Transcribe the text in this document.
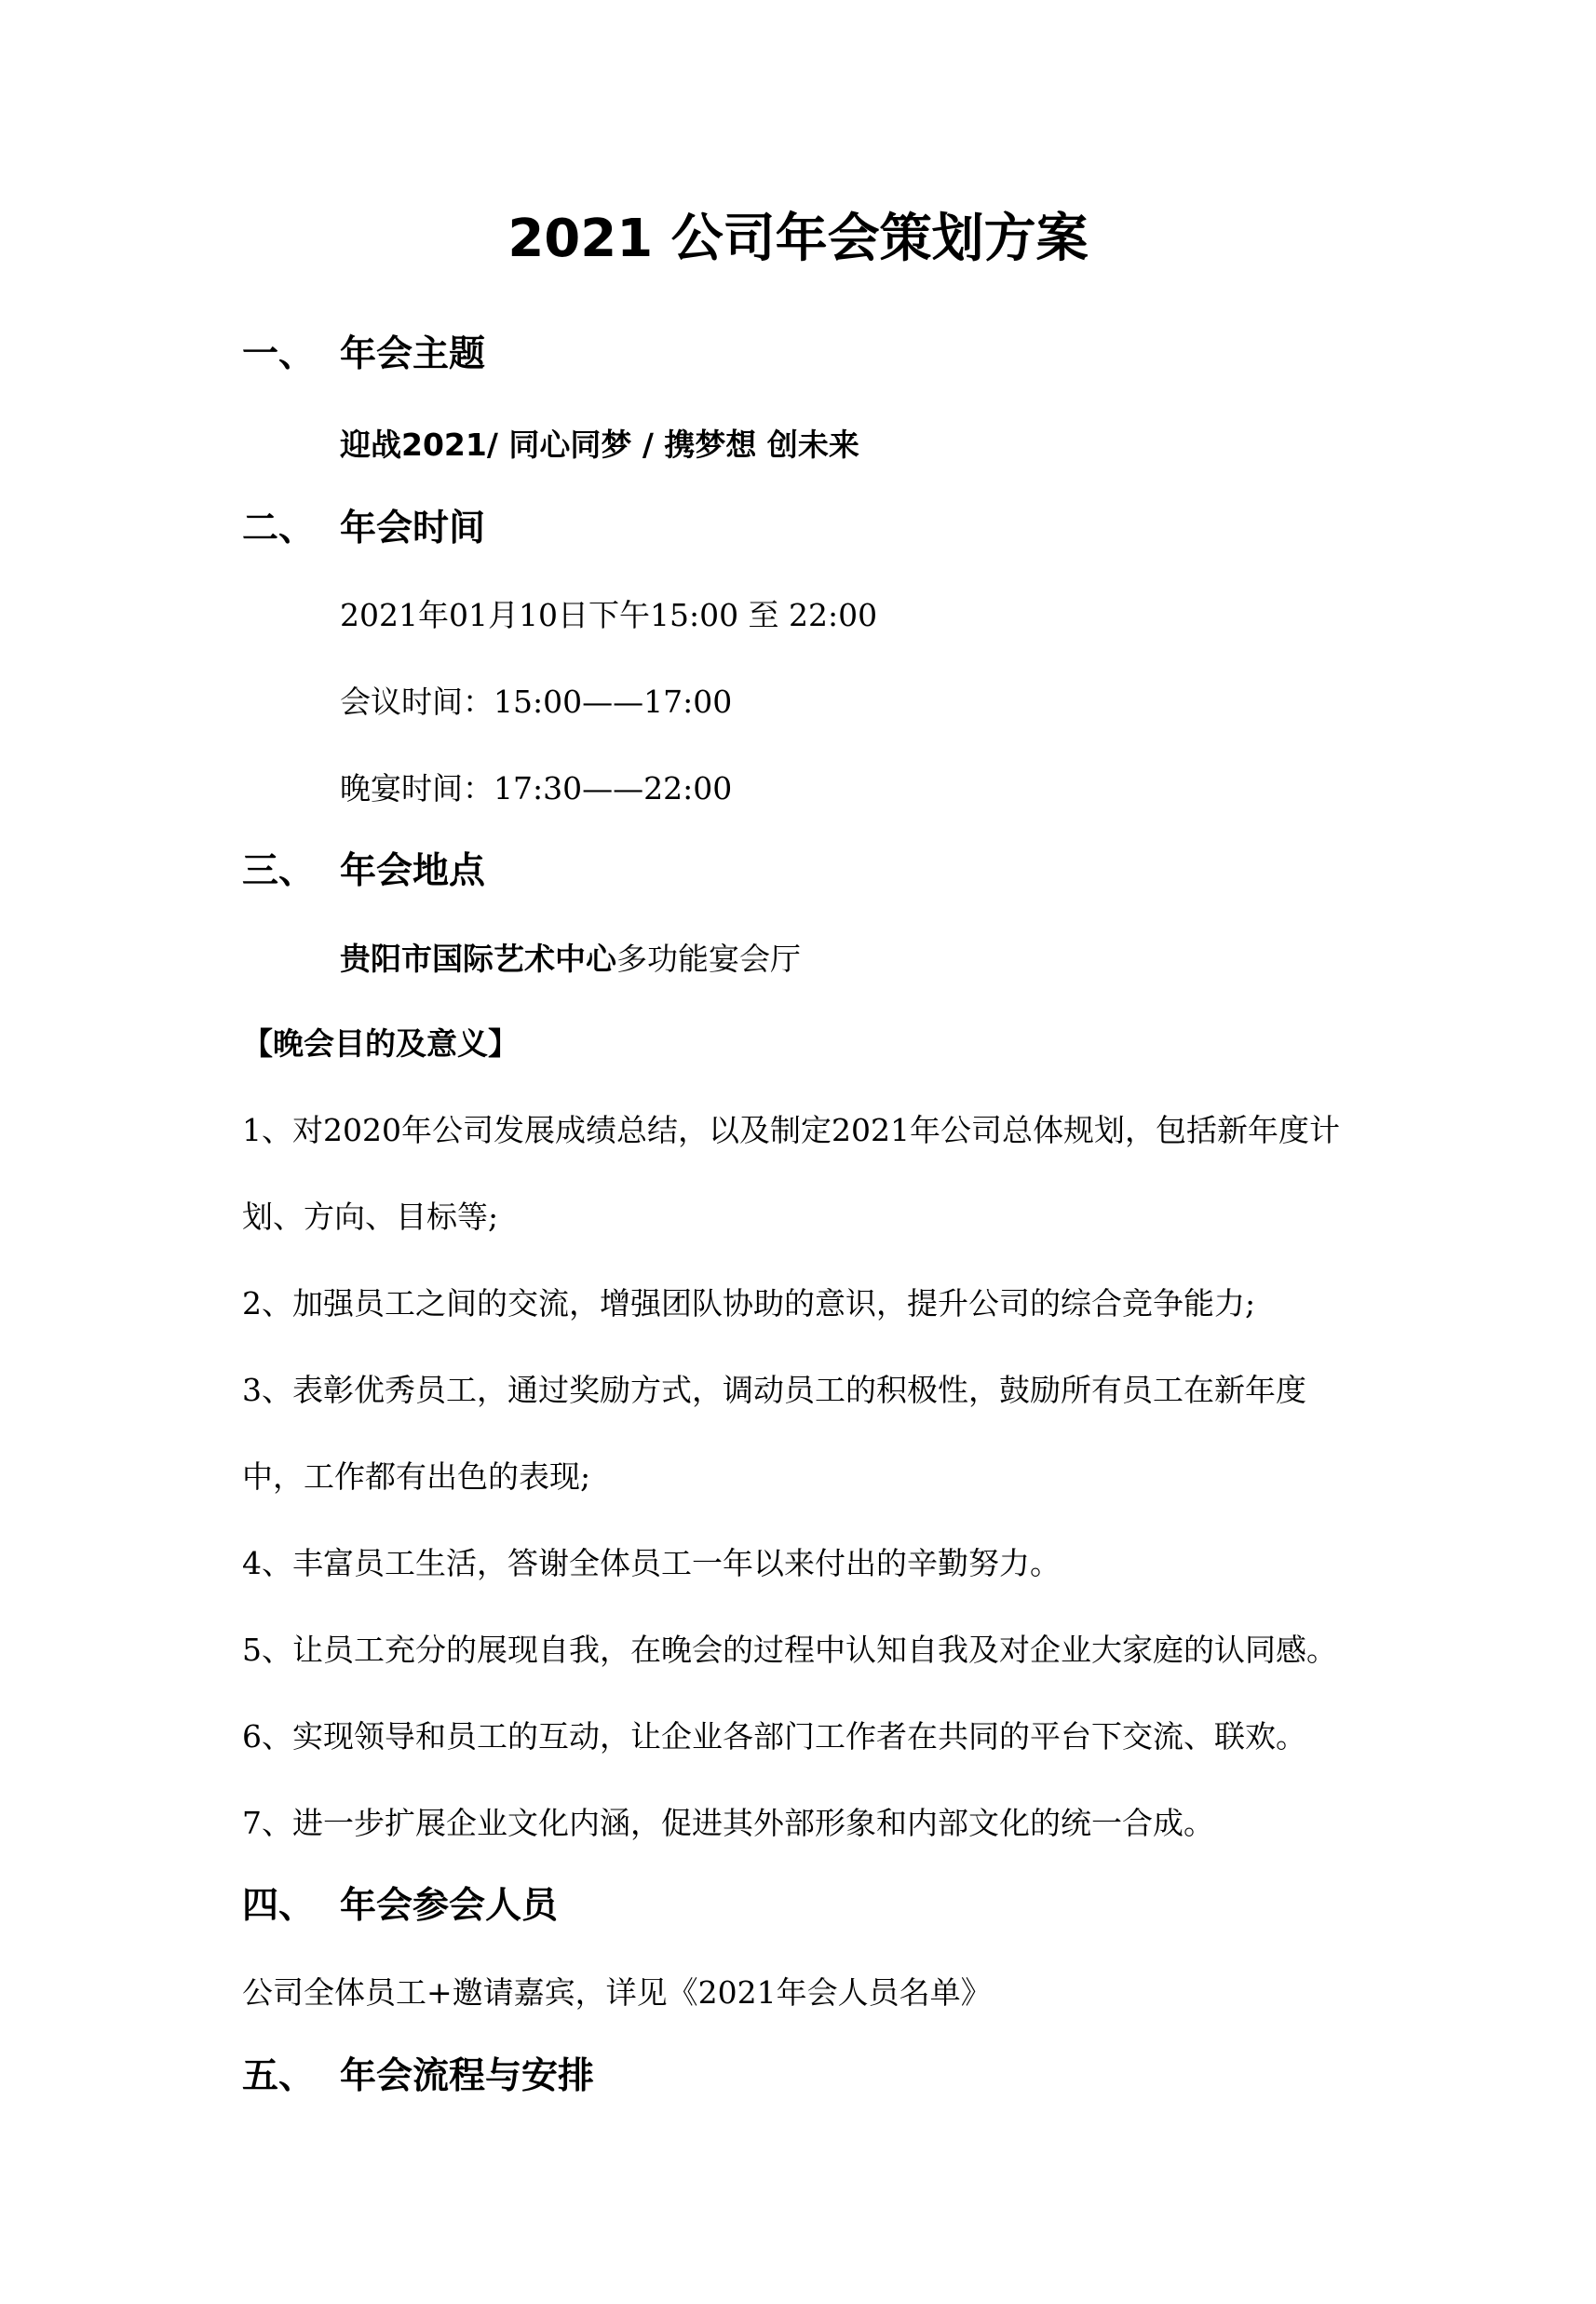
2021 公司年会策划方案
一、 年会主题
迎战2021/ 同心同梦 / 携梦想 创未来
二、 年会时间
2021年01月10日下午15:00 至 22:00
会议时间：15:00——17:00
晚宴时间：17:30——22:00
三、 年会地点
贵阳市国际艺术中心多功能宴会厅
【晚会目的及意义】
1、对2020年公司发展成绩总结，以及制定2021年公司总体规划，包括新年度计
划、方向、目标等;
2、加强员工之间的交流，增强团队协助的意识，提升公司的综合竞争能力;
3、表彰优秀员工，通过奖励方式，调动员工的积极性，鼓励所有员工在新年度
中，工作都有出色的表现;
4、丰富员工生活，答谢全体员工一年以来付出的辛勤努力。
5、让员工充分的展现自我，在晚会的过程中认知自我及对企业大家庭的认同感。
6、实现领导和员工的互动，让企业各部门工作者在共同的平台下交流、联欢。
7、进一步扩展企业文化内涵，促进其外部形象和内部文化的统一合成。
四、 年会参会人员
公司全体员工+邀请嘉宾，详见《2021年会人员名单》
五、 年会流程与安排
